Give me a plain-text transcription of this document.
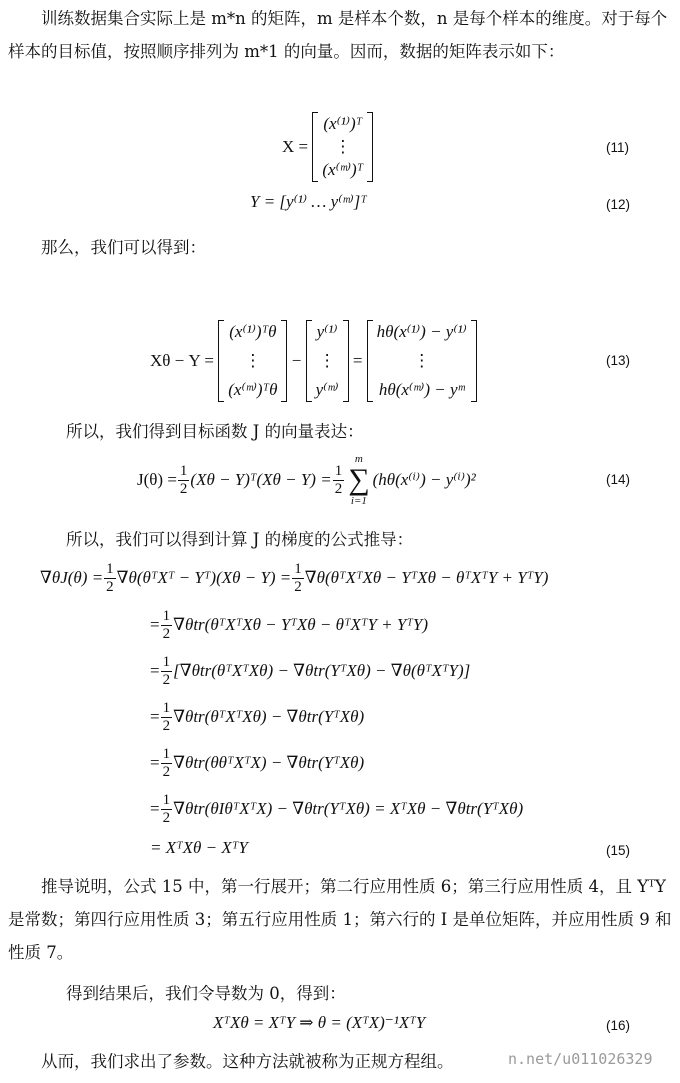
训练数据集合实际上是 m*n 的矩阵，m 是样本个数，n 是每个样本的维度。对于每个样本的目标值，按照顺序排列为 m*1 的向量。因而，数据的矩阵表示如下：

X =

(x⁽¹⁾)ᵀ
⋮
(x⁽ᵐ⁾)ᵀ
(11)
Y = [y⁽¹⁾ … y⁽ᵐ⁾]ᵀ	(12)
那么，我们可以得到：
Xθ − Y =

(x⁽¹⁾)ᵀθ
⋮
(x⁽ᵐ⁾)ᵀθ

−

y⁽¹⁾
⋮
y⁽ᵐ⁾

=

hθ(x⁽¹⁾) − y⁽¹⁾
⋮
hθ(x⁽ᵐ⁾) − yᵐ
(13)
所以，我们得到目标函数 J 的向量表达：
$J(\theta) = \frac{1}{2} (X\theta$ − Y)ᵀ(Xθ − $Y) = \frac{1}{2}$
m
∑
i=1
(hθ(x⁽ⁱ⁾) − y⁽ⁱ⁾)²	(14)
所以，我们可以得到计算 J 的梯度的公式推导：
$\nabla\theta J(\theta) = \frac{1}{2}$ ∇θ(θᵀXᵀ − Yᵀ)(Xθ − $Y) = \frac{1}{2}$ ∇θ(θᵀXᵀXθ − YᵀXθ − θᵀXᵀY + YᵀY)
= $\frac{1}{2}$ ∇θtr(θᵀXᵀXθ − YᵀXθ − θᵀXᵀY + YᵀY)
= $\frac{1}{2}$ [∇θtr(θᵀXᵀXθ) − ∇θtr(YᵀXθ) − ∇θ(θᵀXᵀY)]
= $\frac{1}{2}$ ∇θtr(θᵀXᵀXθ) − ∇θtr(YᵀXθ)
= $\frac{1}{2}$ ∇θtr(θθᵀXᵀX) − ∇θtr(YᵀXθ)
= $\frac{1}{2}$ ∇θtr(θIθᵀXᵀX) − ∇θtr(YᵀXθ) = XᵀXθ − ∇θtr(YᵀXθ)
= XᵀXθ − XᵀY	(15)

推导说明，公式 15 中，第一行展开；第二行应用性质 6；第三行应用性质 4，且 YᵀY 是常数；第四行应用性质 3；第五行应用性质 1；第六行的 I 是单位矩阵，并应用性质 9 和性质 7。

得到结果后，我们令导数为 0，得到：
XᵀXθ = XᵀY ⇒ θ = (XᵀX)⁻¹XᵀY	(16)
从而，我们求出了参数。这种方法就被称为正规方程组。	n.net/u011026329
